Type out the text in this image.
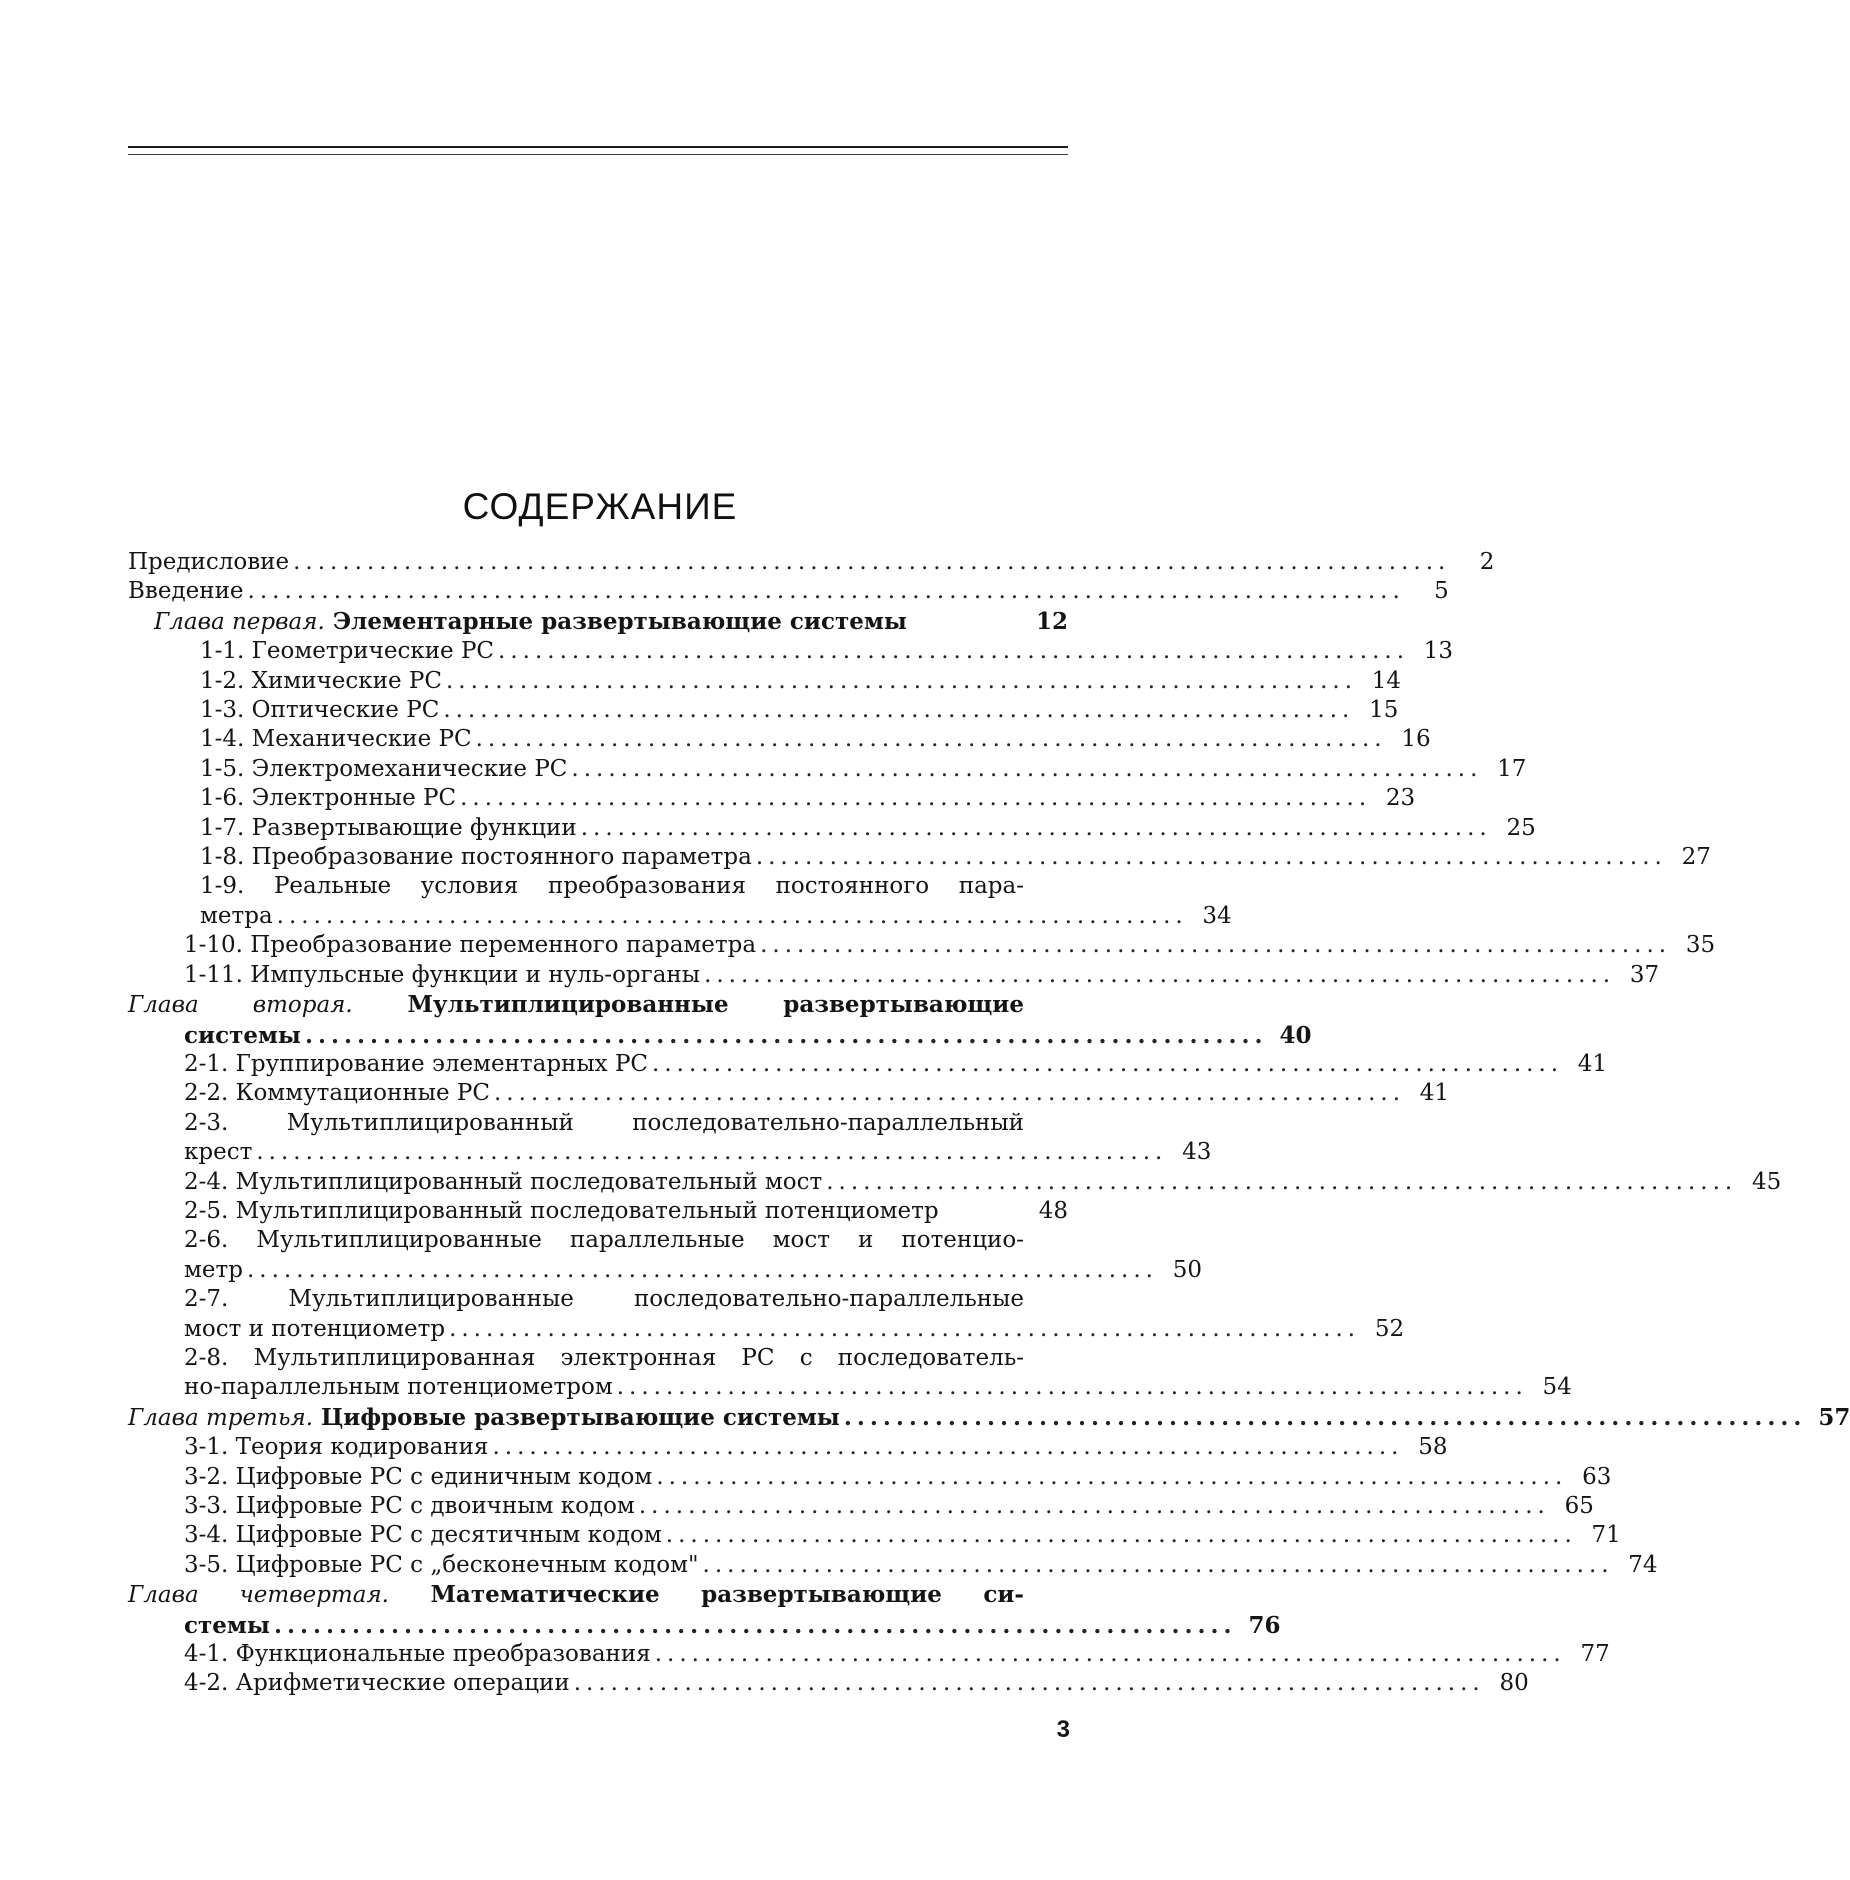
СОДЕРЖАНИЕ
Предисловие ..............................................................................................	2
Введение ..............................................................................................	5
Глава первая. Элементарные развертывающие системы	12
1-1. Геометрические РС .......................................................................... 13
1-2. Химические РС .......................................................................... 14
1-3. Оптические РС .......................................................................... 15
1-4. Механические РС .......................................................................... 16
1-5. Электромеханические РС .......................................................................... 17
1-6. Электронные РС .......................................................................... 23
1-7. Развертывающие функции .......................................................................... 25
1-8. Преобразование постоянного параметра .......................................................................... 27
1-9. Реальные условия преобразования постоянного пара-
метра .......................................................................... 34
1-10. Преобразование переменного параметра .......................................................................... 35
1-11. Импульсные функции и нуль-органы .......................................................................... 37
Глава вторая. Мультиплицированные развертывающие
системы .......................................................................... 40
2-1. Группирование элементарных РС .......................................................................... 41
2-2. Коммутационные РС .......................................................................... 41
2-3. Мультиплицированный последовательно-параллельный
крест .......................................................................... 43
2-4. Мультиплицированный последовательный мост .......................................................................... 45
2-5. Мультиплицированный последовательный потенциометр	48
2-6. Мультиплицированные параллельные мост и потенцио-
метр .......................................................................... 50
2-7. Мультиплицированные последовательно-параллельные
мост и потенциометр .......................................................................... 52
2-8. Мультиплицированная электронная РС с последователь-
но-параллельным потенциометром .......................................................................... 54
Глава третья. Цифровые развертывающие системы .......................................................................... 57
3-1. Теория кодирования .......................................................................... 58
3-2. Цифровые РС с единичным кодом .......................................................................... 63
3-3. Цифровые РС с двоичным кодом .......................................................................... 65
3-4. Цифровые РС с десятичным кодом .......................................................................... 71
3-5. Цифровые РС с „бесконечным кодом" .......................................................................... 74
Глава четвертая. Математические развертывающие си-
стемы .......................................................................... 76
4-1. Функциональные преобразования .......................................................................... 77
4-2. Арифметические операции .......................................................................... 80
3
